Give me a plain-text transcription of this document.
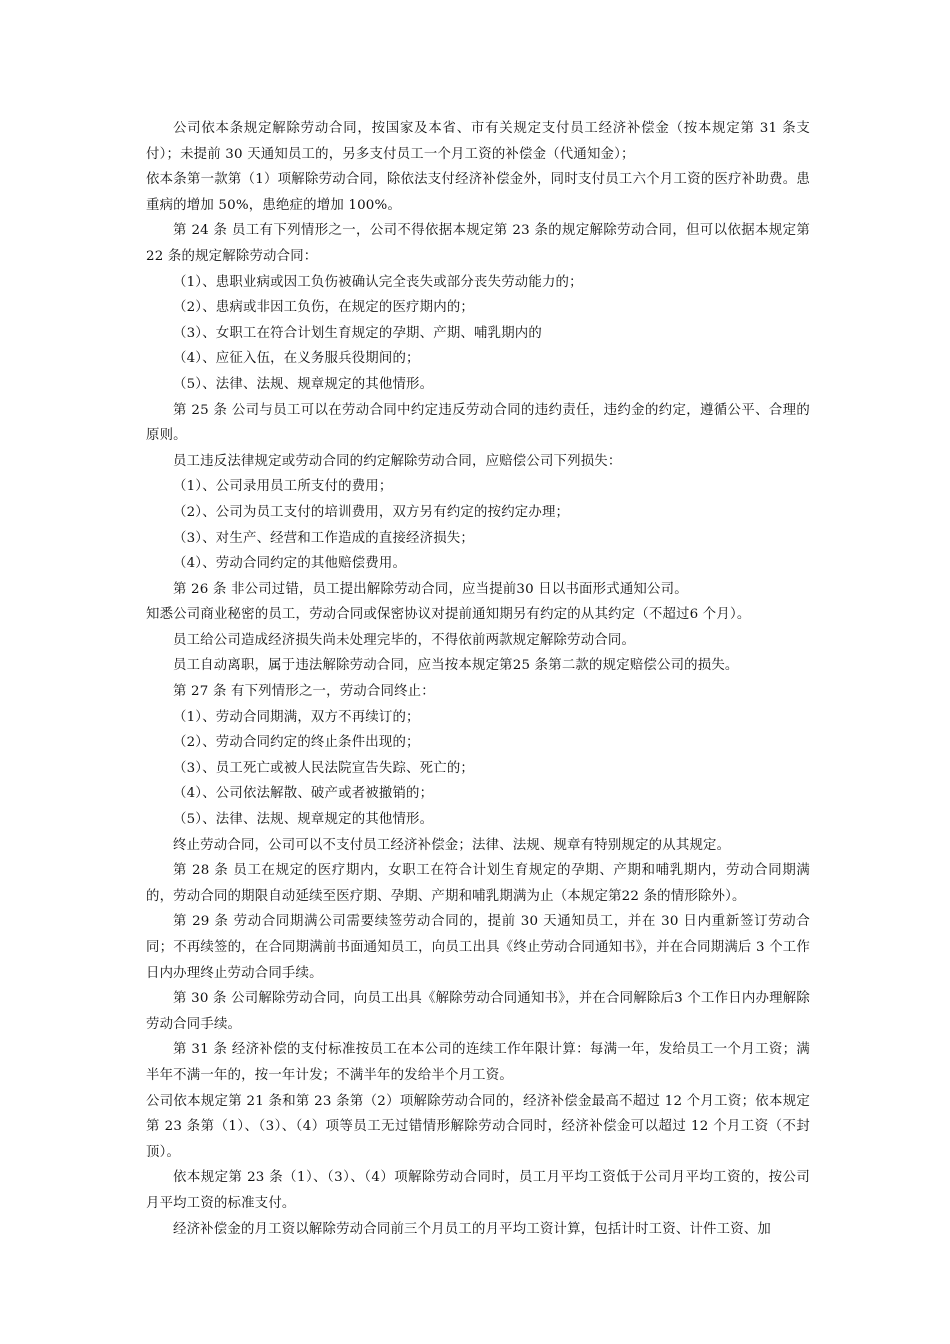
公司依本条规定解除劳动合同，按国家及本省、市有关规定支付员工经济补偿金（按本规定第 31 条支付）；未提前 30 天通知员工的，另多支付员工一个月工资的补偿金（代通知金）；

依本条第一款第（1）项解除劳动合同，除依法支付经济补偿金外，同时支付员工六个月工资的医疗补助费。患重病的增加 50%，患绝症的增加 100%。

第 24 条 员工有下列情形之一，公司不得依据本规定第 23 条的规定解除劳动合同，但可以依据本规定第 22 条的规定解除劳动合同：

（1）、患职业病或因工负伤被确认完全丧失或部分丧失劳动能力的；

（2）、患病或非因工负伤，在规定的医疗期内的；

（3）、女职工在符合计划生育规定的孕期、产期、哺乳期内的

（4）、应征入伍，在义务服兵役期间的；

（5）、法律、法规、规章规定的其他情形。

第 25 条 公司与员工可以在劳动合同中约定违反劳动合同的违约责任，违约金的约定，遵循公平、合理的原则。

员工违反法律规定或劳动合同的约定解除劳动合同，应赔偿公司下列损失：

（1）、公司录用员工所支付的费用；

（2）、公司为员工支付的培训费用，双方另有约定的按约定办理；

（3）、对生产、经营和工作造成的直接经济损失；

（4）、劳动合同约定的其他赔偿费用。

第 26 条 非公司过错，员工提出解除劳动合同，应当提前30 日以书面形式通知公司。

知悉公司商业秘密的员工，劳动合同或保密协议对提前通知期另有约定的从其约定（不超过6 个月）。

员工给公司造成经济损失尚未处理完毕的，不得依前两款规定解除劳动合同。

员工自动离职，属于违法解除劳动合同，应当按本规定第25 条第二款的规定赔偿公司的损失。

第 27 条 有下列情形之一，劳动合同终止：

（1）、劳动合同期满，双方不再续订的；

（2）、劳动合同约定的终止条件出现的；

（3）、员工死亡或被人民法院宣告失踪、死亡的；

（4）、公司依法解散、破产或者被撤销的；

（5）、法律、法规、规章规定的其他情形。

终止劳动合同，公司可以不支付员工经济补偿金；法律、法规、规章有特别规定的从其规定。

第 28 条 员工在规定的医疗期内，女职工在符合计划生育规定的孕期、产期和哺乳期内，劳动合同期满的，劳动合同的期限自动延续至医疗期、孕期、产期和哺乳期满为止（本规定第22 条的情形除外）。

第 29 条 劳动合同期满公司需要续签劳动合同的，提前 30 天通知员工，并在 30 日内重新签订劳动合同；不再续签的，在合同期满前书面通知员工，向员工出具《终止劳动合同通知书》，并在合同期满后 3 个工作日内办理终止劳动合同手续。

第 30 条 公司解除劳动合同，向员工出具《解除劳动合同通知书》，并在合同解除后3 个工作日内办理解除劳动合同手续。

第 31 条 经济补偿的支付标准按员工在本公司的连续工作年限计算：每满一年，发给员工一个月工资；满半年不满一年的，按一年计发；不满半年的发给半个月工资。

公司依本规定第 21 条和第 23 条第（2）项解除劳动合同的，经济补偿金最高不超过 12 个月工资；依本规定第 23 条第（1）、（3）、（4）项等员工无过错情形解除劳动合同时，经济补偿金可以超过 12 个月工资（不封顶）。

依本规定第 23 条（1）、（3）、（4）项解除劳动合同时，员工月平均工资低于公司月平均工资的，按公司月平均工资的标准支付。

经济补偿金的月工资以解除劳动合同前三个月员工的月平均工资计算，包括计时工资、计件工资、加
